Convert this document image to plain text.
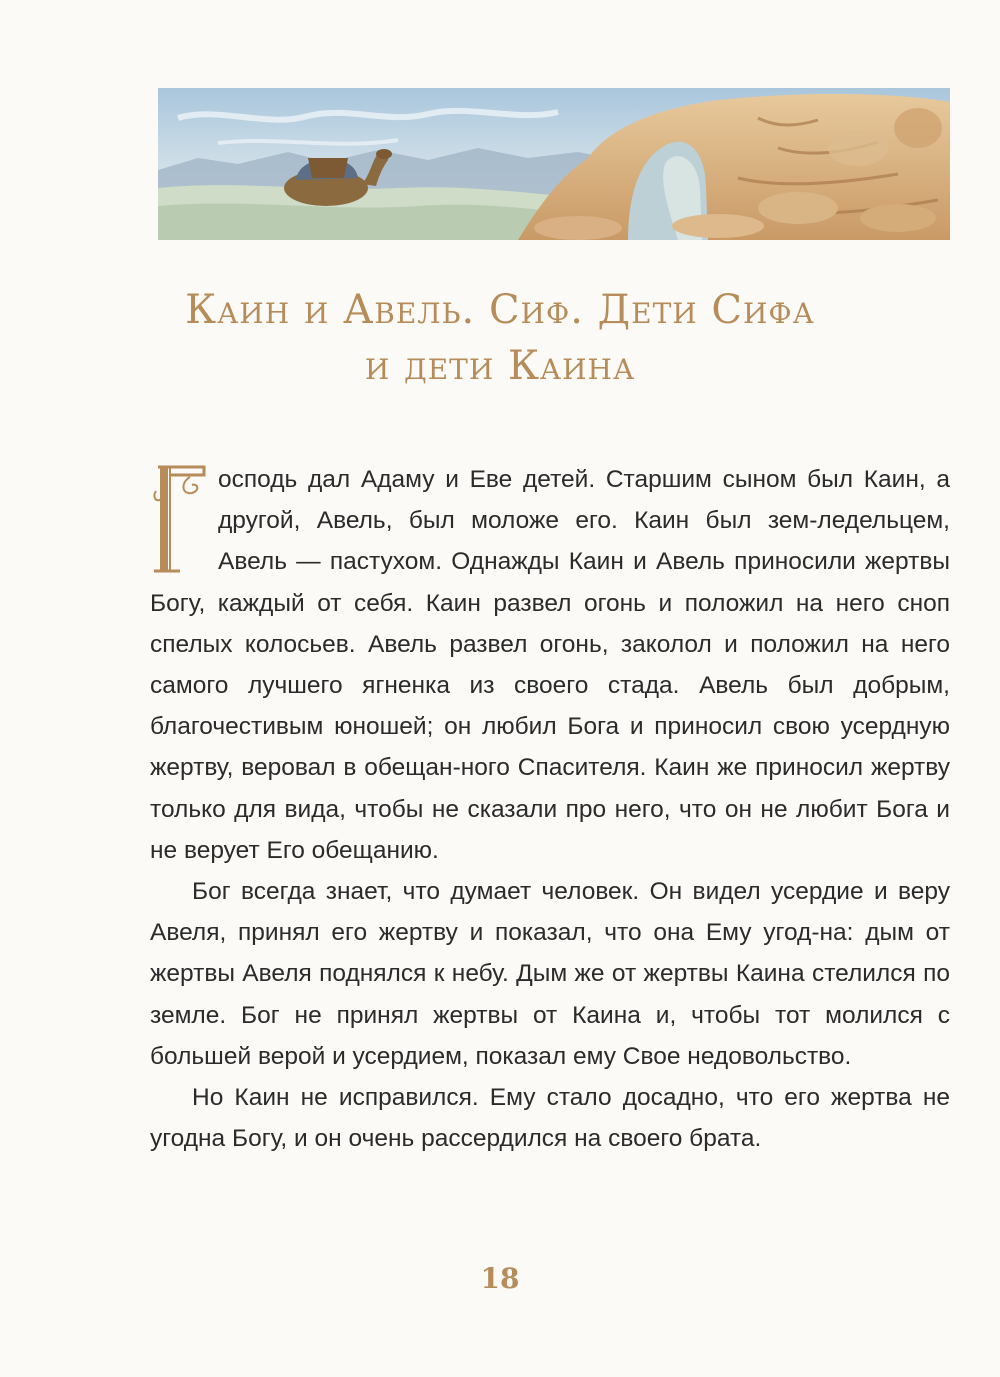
Каин и Авель. Сиф. Дети Сифа
и дети Каина

осподь дал Адаму и Еве детей. Старшим сыном был Каин, а другой, Авель, был моложе его. Каин был зем-ледельцем, Авель — пастухом. Однажды Каин и Авель приносили жертвы Богу, каждый от себя. Каин развел огонь и положил на него сноп спелых колосьев. Авель развел огонь, заколол и положил на него самого лучшего ягненка из своего стада. Авель был добрым, благочестивым юношей; он любил Бога и приносил свою усердную жертву, веровал в обещан-ного Спасителя. Каин же приносил жертву только для вида, чтобы не сказали про него, что он не любит Бога и не верует Его обещанию.

Бог всегда знает, что думает человек. Он видел усердие и веру Авеля, принял его жертву и показал, что она Ему угод-на: дым от жертвы Авеля поднялся к небу. Дым же от жертвы Каина стелился по земле. Бог не принял жертвы от Каина и, чтобы тот молился с большей верой и усердием, показал ему Свое недовольство.

Но Каин не исправился. Ему стало досадно, что его жертва не угодна Богу, и он очень рассердился на своего брата.

18
